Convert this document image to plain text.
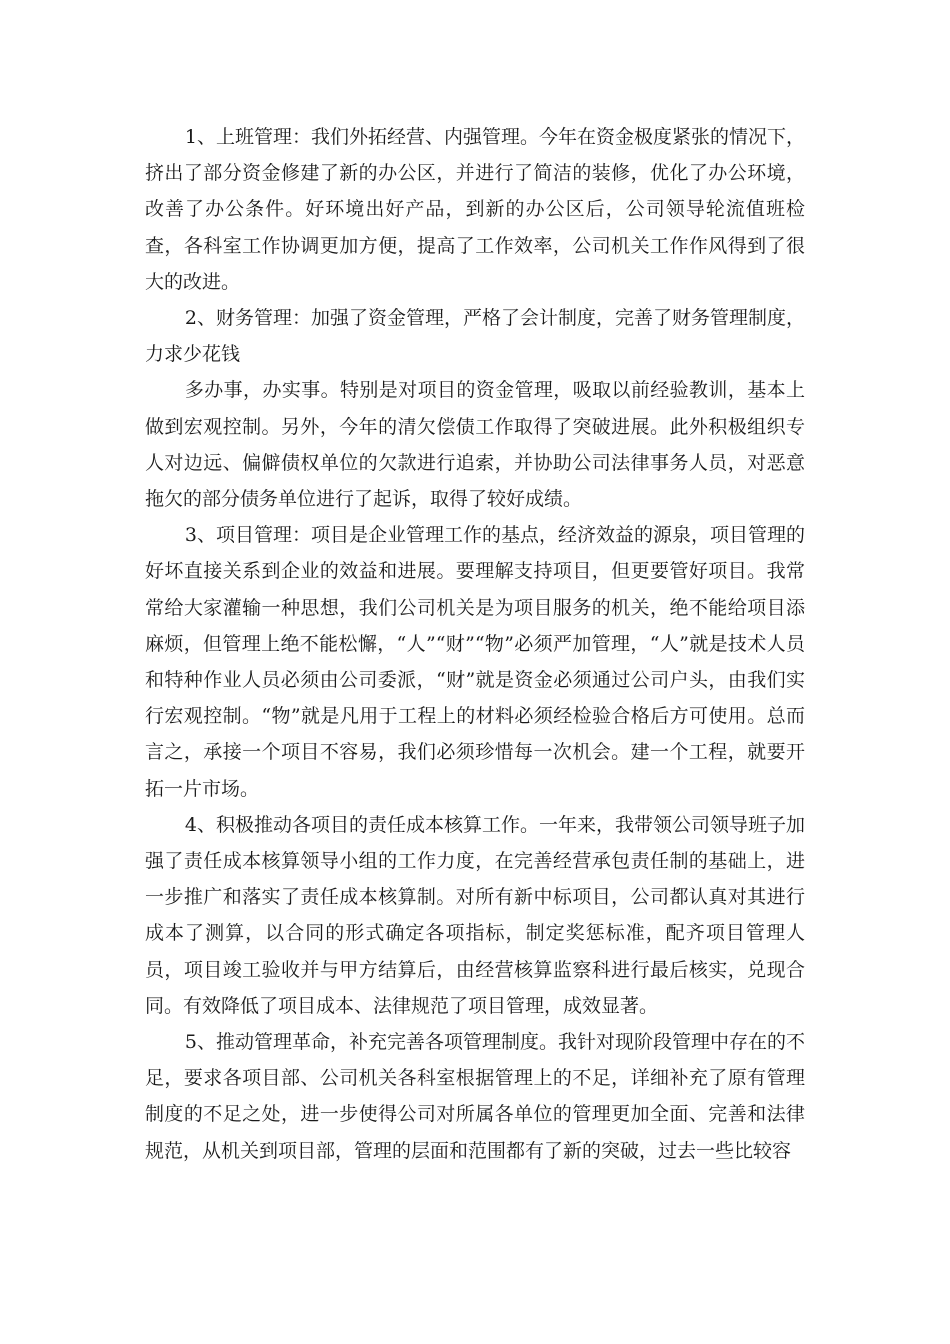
1、上班管理：我们外拓经营、内强管理。今年在资金极度紧张的情况下，挤出了部分资金修建了新的办公区，并进行了简洁的装修，优化了办公环境，改善了办公条件。好环境出好产品，到新的办公区后，公司领导轮流值班检查，各科室工作协调更加方便，提高了工作效率，公司机关工作作风得到了很大的改进。

2、财务管理：加强了资金管理，严格了会计制度，完善了财务管理制度，力求少花钱

多办事，办实事。特别是对项目的资金管理，吸取以前经验教训，基本上做到宏观控制。另外，今年的清欠偿债工作取得了突破进展。此外积极组织专人对边远、偏僻债权单位的欠款进行追索，并协助公司法律事务人员，对恶意拖欠的部分债务单位进行了起诉，取得了较好成绩。

3、项目管理：项目是企业管理工作的基点，经济效益的源泉，项目管理的好坏直接关系到企业的效益和进展。要理解支持项目，但更要管好项目。我常常给大家灌输一种思想，我们公司机关是为项目服务的机关，绝不能给项目添麻烦，但管理上绝不能松懈，“人”“财”“物”必须严加管理，“人”就是技术人员和特种作业人员必须由公司委派，“财”就是资金必须通过公司户头，由我们实行宏观控制。“物”就是凡用于工程上的材料必须经检验合格后方可使用。总而言之，承接一个项目不容易，我们必须珍惜每一次机会。建一个工程，就要开拓一片市场。

4、积极推动各项目的责任成本核算工作。一年来，我带领公司领导班子加强了责任成本核算领导小组的工作力度，在完善经营承包责任制的基础上，进一步推广和落实了责任成本核算制。对所有新中标项目，公司都认真对其进行成本了测算，以合同的形式确定各项指标，制定奖惩标准，配齐项目管理人员，项目竣工验收并与甲方结算后，由经营核算监察科进行最后核实，兑现合同。有效降低了项目成本、法律规范了项目管理，成效显著。

5、推动管理革命，补充完善各项管理制度。我针对现阶段管理中存在的不足，要求各项目部、公司机关各科室根据管理上的不足，详细补充了原有管理制度的不足之处，进一步使得公司对所属各单位的管理更加全面、完善和法律规范，从机关到项目部，管理的层面和范围都有了新的突破，过去一些比较容
